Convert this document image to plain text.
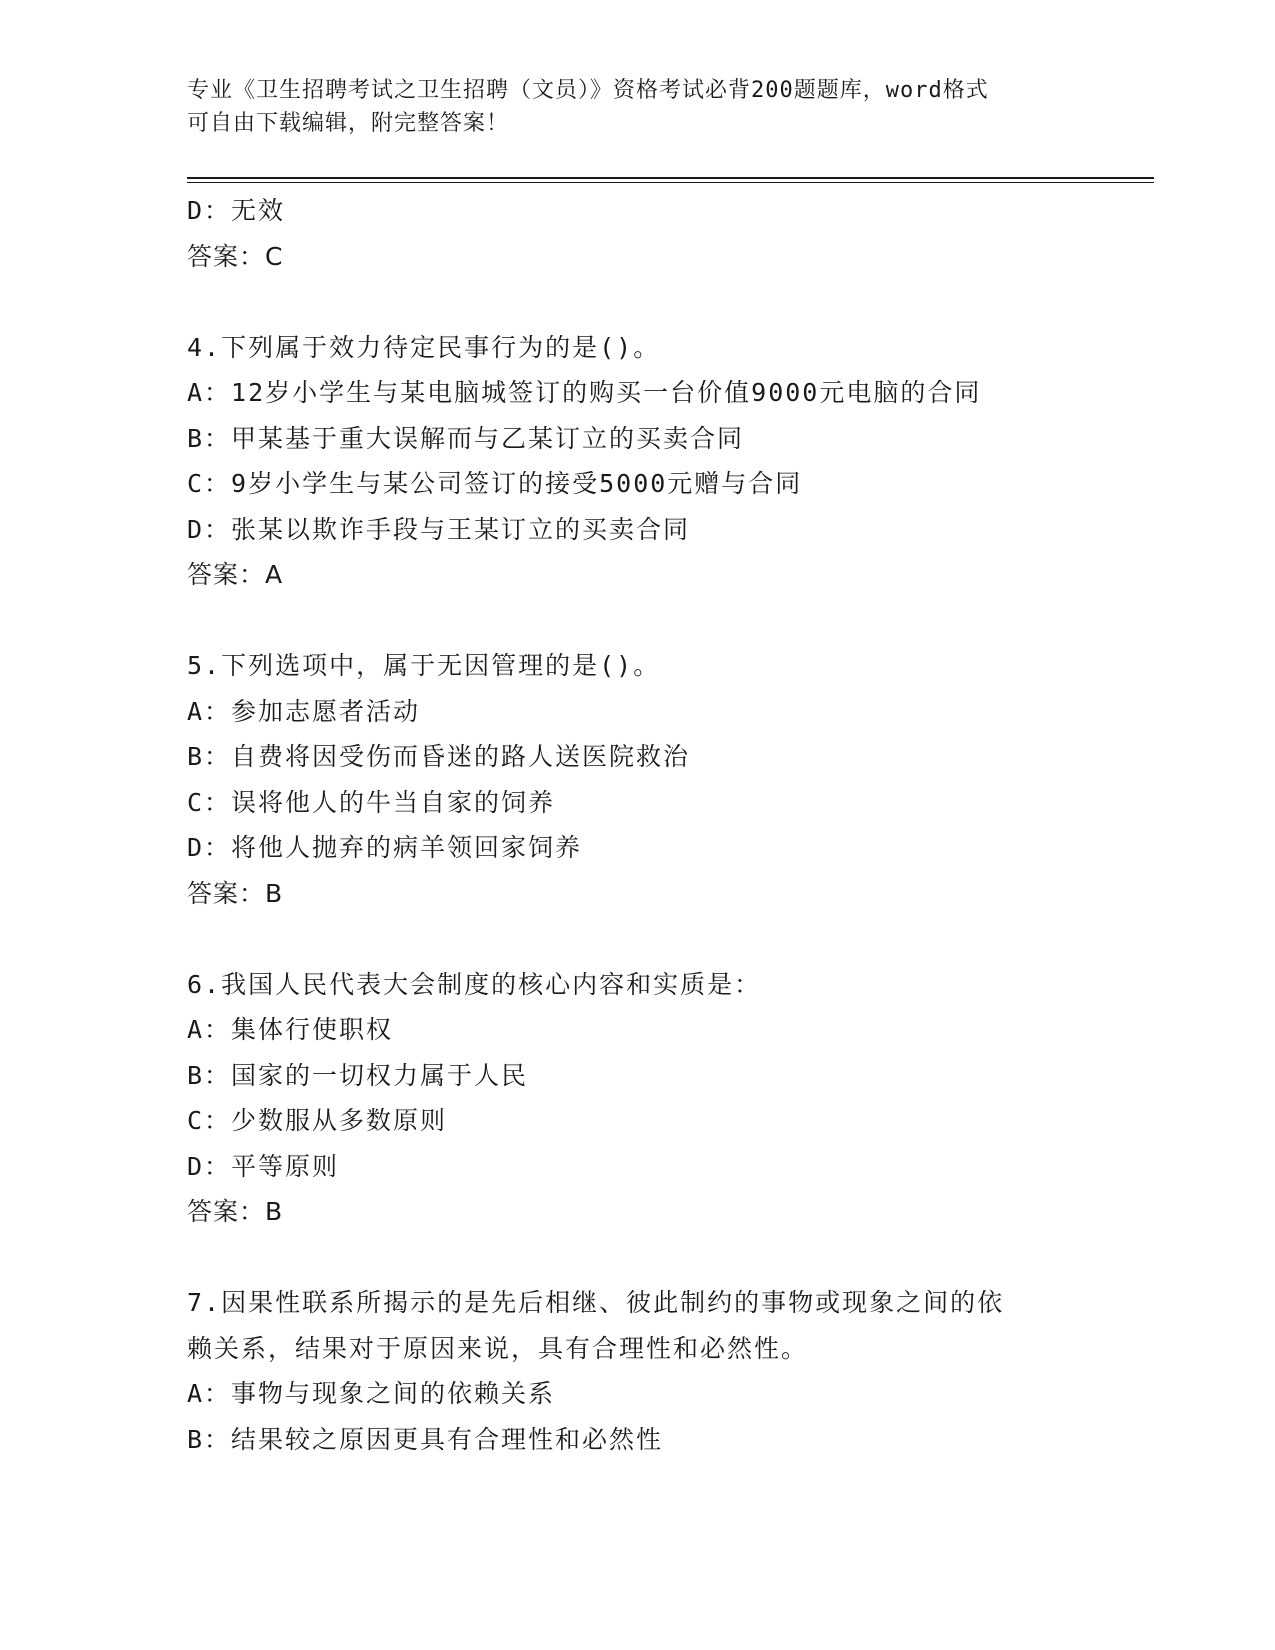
专业《卫生招聘考试之卫生招聘（文员）》资格考试必背200题题库，word格式
可自由下载编辑，附完整答案！
D：无效
答案：C
4.下列属于效力待定民事行为的是()。
A：12岁小学生与某电脑城签订的购买一台价值9000元电脑的合同
B：甲某基于重大误解而与乙某订立的买卖合同
C：9岁小学生与某公司签订的接受5000元赠与合同
D：张某以欺诈手段与王某订立的买卖合同
答案：A
5.下列选项中，属于无因管理的是()。
A：参加志愿者活动
B：自费将因受伤而昏迷的路人送医院救治
C：误将他人的牛当自家的饲养
D：将他人抛弃的病羊领回家饲养
答案：B
6.我国人民代表大会制度的核心内容和实质是：
A：集体行使职权
B：国家的一切权力属于人民
C：少数服从多数原则
D：平等原则
答案：B
7.因果性联系所揭示的是先后相继、彼此制约的事物或现象之间的依
赖关系，结果对于原因来说，具有合理性和必然性。
A：事物与现象之间的依赖关系
B：结果较之原因更具有合理性和必然性
